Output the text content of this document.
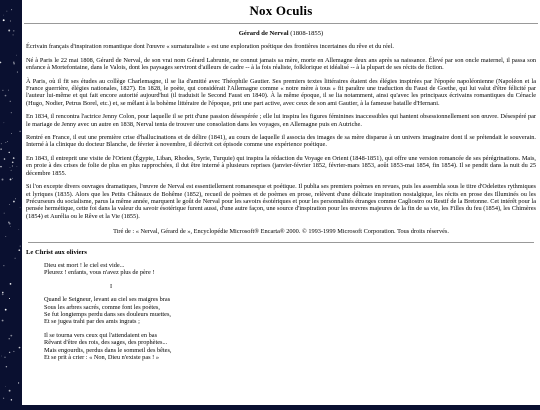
Nox Oculis
Gérard de Nerval (1808-1855)

Écrivain français d'inspiration romantique dont l'œuvre « surnaturaliste » est une exploration poétique des frontières incertaines du rêve et du réel.

Né à Paris le 22 mai 1808, Gérard de Nerval, de son vrai nom Gérard Labrunie, ne connut jamais sa mère, morte en Allemagne deux ans après sa naissance. Élevé par son oncle maternel, il passa son enfance à Mortefontaine, dans le Valois, dont les paysages serviront d'ailleurs de cadre -- à la fois réaliste, folklorique et idéalisé -- à la plupart de ses récits de fiction.

À Paris, où il fit ses études au collège Charlemagne, il se lia d'amitié avec Théophile Gautier. Ses premiers textes littéraires étaient des élégies inspirées par l'épopée napoléonienne (Napoléon et la France guerrière, élégies nationales, 1827). En 1828, le poète, qui considérait l'Allemagne comme « notre mère à tous » fit paraître une traduction du Faust de Goethe, qui lui valut d'être félicité par l'auteur lui-même et qui fait encore autorité aujourd'hui (il traduisit le Second Faust en 1840). À la même époque, il se lia notamment, ainsi qu'avec les principaux écrivains romantiques du Cénacle (Hugo, Nodier, Petrus Borel, etc.) et, se mêlant à la bohème littéraire de l'époque, prit une part active, avec ceux de son ami Gautier, à la fameuse bataille d'Hernani.

En 1834, il rencontra l'actrice Jenny Colon, pour laquelle il se prit d'une passion désespérée ; elle lui inspira les figures féminines inaccessibles qui hantent obsessionnellement son œuvre. Désespéré par le mariage de Jenny avec un autre en 1838, Nerval tenta de trouver une consolation dans les voyages, en Allemagne puis en Autriche.

Rentré en France, il eut une première crise d'hallucinations et de délire (1841), au cours de laquelle il associa des images de sa mère disparue à un univers imaginaire dont il se prétendait le souverain. Interné à la clinique du docteur Blanche, de février à novembre, il décrivit cet épisode comme une expérience poétique.

En 1843, il entreprit une visite de l'Orient (Égypte, Liban, Rhodes, Syrie, Turquie) qui inspira la rédaction du Voyage en Orient (1848-1851), qui offre une version romancée de ses pérégrinations. Mais, en proie à des crises de folie de plus en plus rapprochées, il dut être interné à plusieurs reprises (janvier-février 1852, février-mars 1853, août 1853-mai 1854, fin 1854). Il se pendit dans la nuit du 25 décembre 1855.

Si l'on excepte divers ouvrages dramatiques, l'œuvre de Nerval est essentiellement romanesque et poétique. Il publia ses premiers poèmes en revues, puis les assembla sous le titre d'Odelettes rythmiques et lyriques (1835). Alors que les Petits Châteaux de Bohême (1852), recueil de poèmes et de poèmes en prose, relèvent d'une délicate inspiration nostalgique, les récits en prose des Illuminés ou les Précurseurs du socialisme, parus la même année, marquent le goût de Nerval pour les savoirs ésotériques et pour les personnalités étranges comme Cagliostro ou Restif de la Bretonne. Cet intérêt pour la pensée hermétique, cette foi dans la valeur du savoir ésotérique furent aussi, d'une autre façon, une source d'inspiration pour les œuvres majeures de la fin de sa vie, les Filles du feu (1854), les Chimères (1854) et Aurélia ou le Rêve et la Vie (1855).

Tiré de : « Nerval, Gérard de », Encyclopédie Microsoft® Encarta® 2000. © 1993-1999 Microsoft Corporation. Tous droits réservés.
Le Christ aux oliviers
Dieu est mort ! le ciel est vide...
Pleurez ! enfants, vous n'avez plus de père !
I
Quand le Seigneur, levant au ciel ses maigres bras
Sous les arbres sacrés, comme font les poètes,
Se fut longtemps perdu dans ses douleurs muettes,
Et se jugea trahi par des amis ingrats ;
Il se tourna vers ceux qui l'attendaient en bas
Rêvant d'être des rois, des sages, des prophètes...
Mais engourdis, perdus dans le sommeil des bêtes,
Et se prit à crier : « Non, Dieu n'existe pas ! »
